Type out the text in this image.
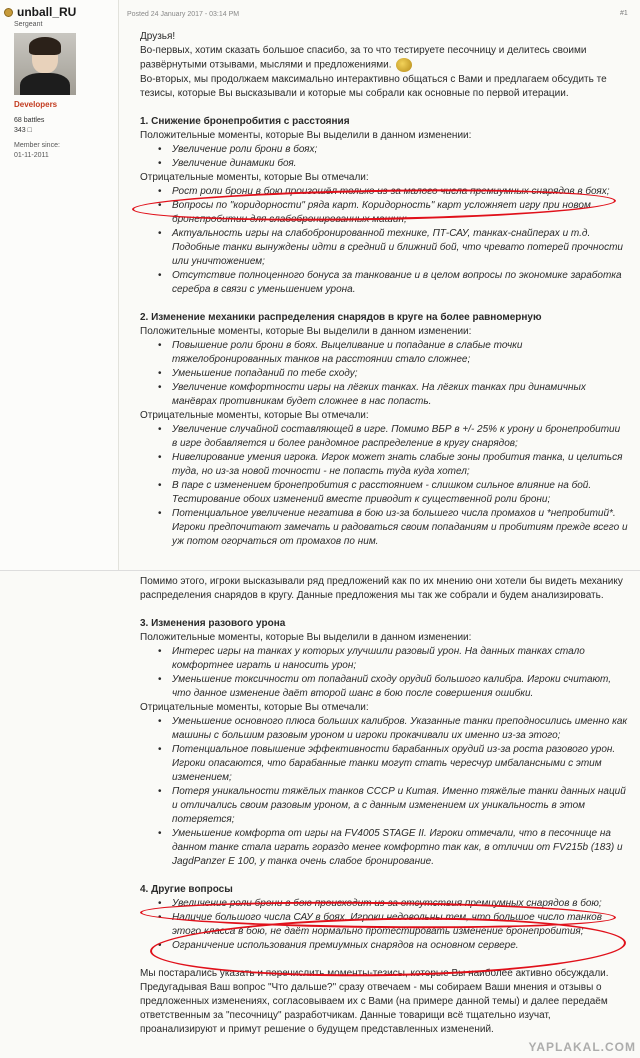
unball_RU
Sergeant
Developers
68 battles
343 □
Member since:
01-11-2011
Posted 24 January 2017 - 03:14 PM	#1

Друзья!

Во-первых, хотим сказать большое спасибо, за то что тестируете песочницу и делитесь своими развёрнутыми отзывами, мыслями и предложениями.

Во-вторых, мы продолжаем максимально интерактивно общаться с Вами и предлагаем обсудить те тезисы, которые Вы высказывали и которые мы собрали как основные по первой итерации.

1. Снижение бронепробития с расстояния

Положительные моменты, которые Вы выделили в данном изменении:

• Увеличение роли брони в боях;
• Увеличение динамики боя.

Отрицательные моменты, которые Вы отмечали:

• Рост роли брони в бою произошёл только из-за малого числа премиумных снарядов в боях;
• Вопросы по "коридорности" ряда карт. Коридорность" карт усложняет игру при новом бронепробитии для слабобронированных машин;
• Актуальность игры на слабобронированной технике, ПТ-САУ, танках-снайперах и т.д. Подобные танки вынуждены идти в средний и ближний бой, что чревато потерей прочности или уничтожением;
• Отсутствие полноценного бонуса за танкование и в целом вопросы по экономике заработка серебра в связи с уменьшением урона.

2. Изменение механики распределения снарядов в круге на более равномерную

Положительные моменты, которые Вы выделили в данном изменении:

• Повышение роли брони в боях. Выцеливание и попадание в слабые точки тяжелобронированных танков на расстоянии стало сложнее;
• Уменьшение попаданий по тебе сходу;
• Увеличение комфортности игры на лёгких танках. На лёгких танках при динамичных манёврах противникам будет сложнее в нас попасть.

Отрицательные моменты, которые Вы отмечали:

• Увеличение случайной составляющей в игре. Помимо ВБР в +/- 25% к урону и бронепробитии в игре добавляется и более рандомное распределение в кругу снарядов;
• Нивелирование умения игрока. Игрок может знать слабые зоны пробития танка, и целиться туда, но из-за новой точности - не попасть туда куда хотел;
• В паре с изменением бронепробития с расстоянием - слишком сильное влияние на бой. Тестирование обоих изменений вместе приводит к существенной роли брони;
• Потенциальное увеличение негатива в бою из-за большего числа промахов и *непробитий*. Игроки предпочитают замечать и радоваться своим попаданиям и пробитиям прежде всего и уж потом огорчаться от промахов по ним.

Помимо этого, игроки высказывали ряд предложений как по их мнению они хотели бы видеть механику распределения снарядов в кругу. Данные предложения мы так же собрали и будем анализировать.

3. Изменения разового урона

Положительные моменты, которые Вы выделили в данном изменении:

• Интерес игры на танках у которых улучшили разовый урон. На данных танках стало комфортнее играть и наносить урон;
• Уменьшение токсичности от попаданий сходу орудий большого калибра. Игроки считают, что данное изменение даёт второй шанс в бою после совершения ошибки.

Отрицательные моменты, которые Вы отмечали:

• Уменьшение основного плюса больших калибров. Указанные танки преподносились именно как машины с большим разовым уроном и игроки прокачивали их именно из-за этого;
• Потенциальное повышение эффективности барабанных орудий из-за роста разового урон. Игроки опасаются, что барабанные танки могут стать чересчур имбалансными с этим изменением;
• Потеря уникальности тяжёлых танков СССР и Китая. Именно тяжёлые танки данных наций и отличались своим разовым уроном, а с данным изменением их уникальность в этом потеряется;
• Уменьшение комфорта от игры на FV4005 STAGE II. Игроки отмечали, что в песочнице на данном танке стала играть гораздо менее комфортно так как, в отличии от FV215b (183) и JagdPanzer E 100, у танка очень слабое бронирование.

4. Другие вопросы

• Увеличение роли брони в бою происходит из-за отсутствия премиумных снарядов в бою;
• Наличие большого числа САУ в боях. Игроки недовольны тем, что большое число танков этого класса в бою, не даёт нормально протестировать изменение бронепробития;
• Ограничение использования премиумных снарядов на основном сервере.

Мы постарались указать и перечислить моменты-тезисы, которые Вы наиболее активно обсуждали. Предугадывая Ваш вопрос "Что дальше?" сразу отвечаем - мы собираем Ваши мнения и отзывы о предложенных изменениях, согласовываем их с Вами (на примере данной темы) и далее передаём ответственным за "песочницу" разработчикам. Данные товарищи всё тщательно изучат, проанализируют и примут решение о будущем представленных изменений.

YAPLAKAL.COM
